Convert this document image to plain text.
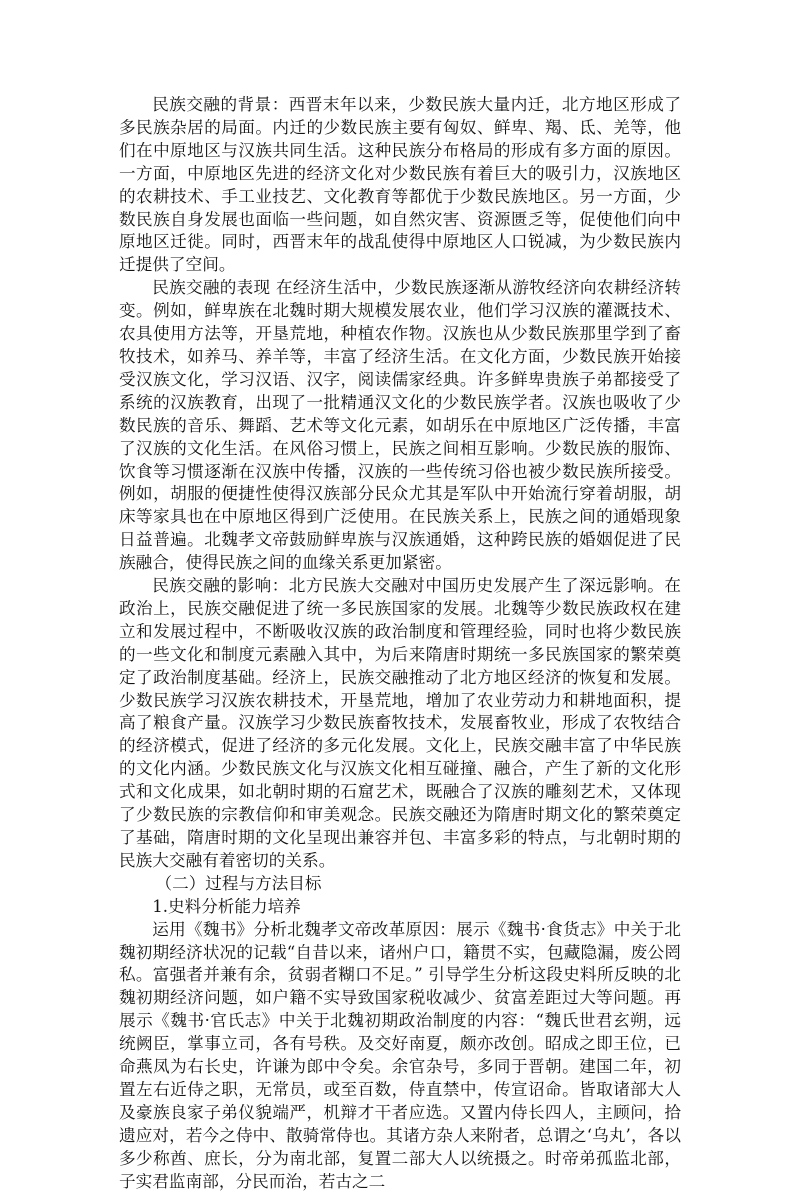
民族交融的背景：西晋末年以来，少数民族大量内迁，北方地区形成了多民族杂居的局面。内迁的少数民族主要有匈奴、鲜卑、羯、氐、羌等，他们在中原地区与汉族共同生活。这种民族分布格局的形成有多方面的原因。一方面，中原地区先进的经济文化对少数民族有着巨大的吸引力，汉族地区的农耕技术、手工业技艺、文化教育等都优于少数民族地区。另一方面，少数民族自身发展也面临一些问题，如自然灾害、资源匮乏等，促使他们向中原地区迁徙。同时，西晋末年的战乱使得中原地区人口锐减，为少数民族内迁提供了空间。

民族交融的表现 在经济生活中，少数民族逐渐从游牧经济向农耕经济转变。例如，鲜卑族在北魏时期大规模发展农业，他们学习汉族的灌溉技术、农具使用方法等，开垦荒地，种植农作物。汉族也从少数民族那里学到了畜牧技术，如养马、养羊等，丰富了经济生活。在文化方面，少数民族开始接受汉族文化，学习汉语、汉字，阅读儒家经典。许多鲜卑贵族子弟都接受了系统的汉族教育，出现了一批精通汉文化的少数民族学者。汉族也吸收了少数民族的音乐、舞蹈、艺术等文化元素，如胡乐在中原地区广泛传播，丰富了汉族的文化生活。在风俗习惯上，民族之间相互影响。少数民族的服饰、饮食等习惯逐渐在汉族中传播，汉族的一些传统习俗也被少数民族所接受。例如，胡服的便捷性使得汉族部分民众尤其是军队中开始流行穿着胡服，胡床等家具也在中原地区得到广泛使用。在民族关系上，民族之间的通婚现象日益普遍。北魏孝文帝鼓励鲜卑族与汉族通婚，这种跨民族的婚姻促进了民族融合，使得民族之间的血缘关系更加紧密。

民族交融的影响：北方民族大交融对中国历史发展产生了深远影响。在政治上，民族交融促进了统一多民族国家的发展。北魏等少数民族政权在建立和发展过程中，不断吸收汉族的政治制度和管理经验，同时也将少数民族的一些文化和制度元素融入其中，为后来隋唐时期统一多民族国家的繁荣奠定了政治制度基础。经济上，民族交融推动了北方地区经济的恢复和发展。少数民族学习汉族农耕技术，开垦荒地，增加了农业劳动力和耕地面积，提高了粮食产量。汉族学习少数民族畜牧技术，发展畜牧业，形成了农牧结合的经济模式，促进了经济的多元化发展。文化上，民族交融丰富了中华民族的文化内涵。少数民族文化与汉族文化相互碰撞、融合，产生了新的文化形式和文化成果，如北朝时期的石窟艺术，既融合了汉族的雕刻艺术，又体现了少数民族的宗教信仰和审美观念。民族交融还为隋唐时期文化的繁荣奠定了基础，隋唐时期的文化呈现出兼容并包、丰富多彩的特点，与北朝时期的民族大交融有着密切的关系。

（二）过程与方法目标

1.史料分析能力培养

运用《魏书》分析北魏孝文帝改革原因：展示《魏书·食货志》中关于北魏初期经济状况的记载“自昔以来，诸州户口，籍贯不实，包藏隐漏，废公罔私。富强者并兼有余，贫弱者糊口不足。” 引导学生分析这段史料所反映的北魏初期经济问题，如户籍不实导致国家税收减少、贫富差距过大等问题。再展示《魏书·官氏志》中关于北魏初期政治制度的内容：“魏氏世君玄朔，远统阙臣，掌事立司，各有号秩。及交好南夏，颇亦改创。昭成之即王位，已命燕凤为右长史，许谦为郎中令矣。余官杂号，多同于晋朝。建国二年，初置左右近侍之职，无常员，或至百数，侍直禁中，传宣诏命。皆取诸部大人及豪族良家子弟仪貌端严，机辩才干者应选。又置内侍长四人，主顾问，拾遗应对，若今之侍中、散骑常侍也。其诸方杂人来附者，总谓之‘乌丸’，各以多少称酋、庶长，分为南北部，复置二部大人以统摄之。时帝弟孤监北部，子实君监南部，分民而治，若古之二
